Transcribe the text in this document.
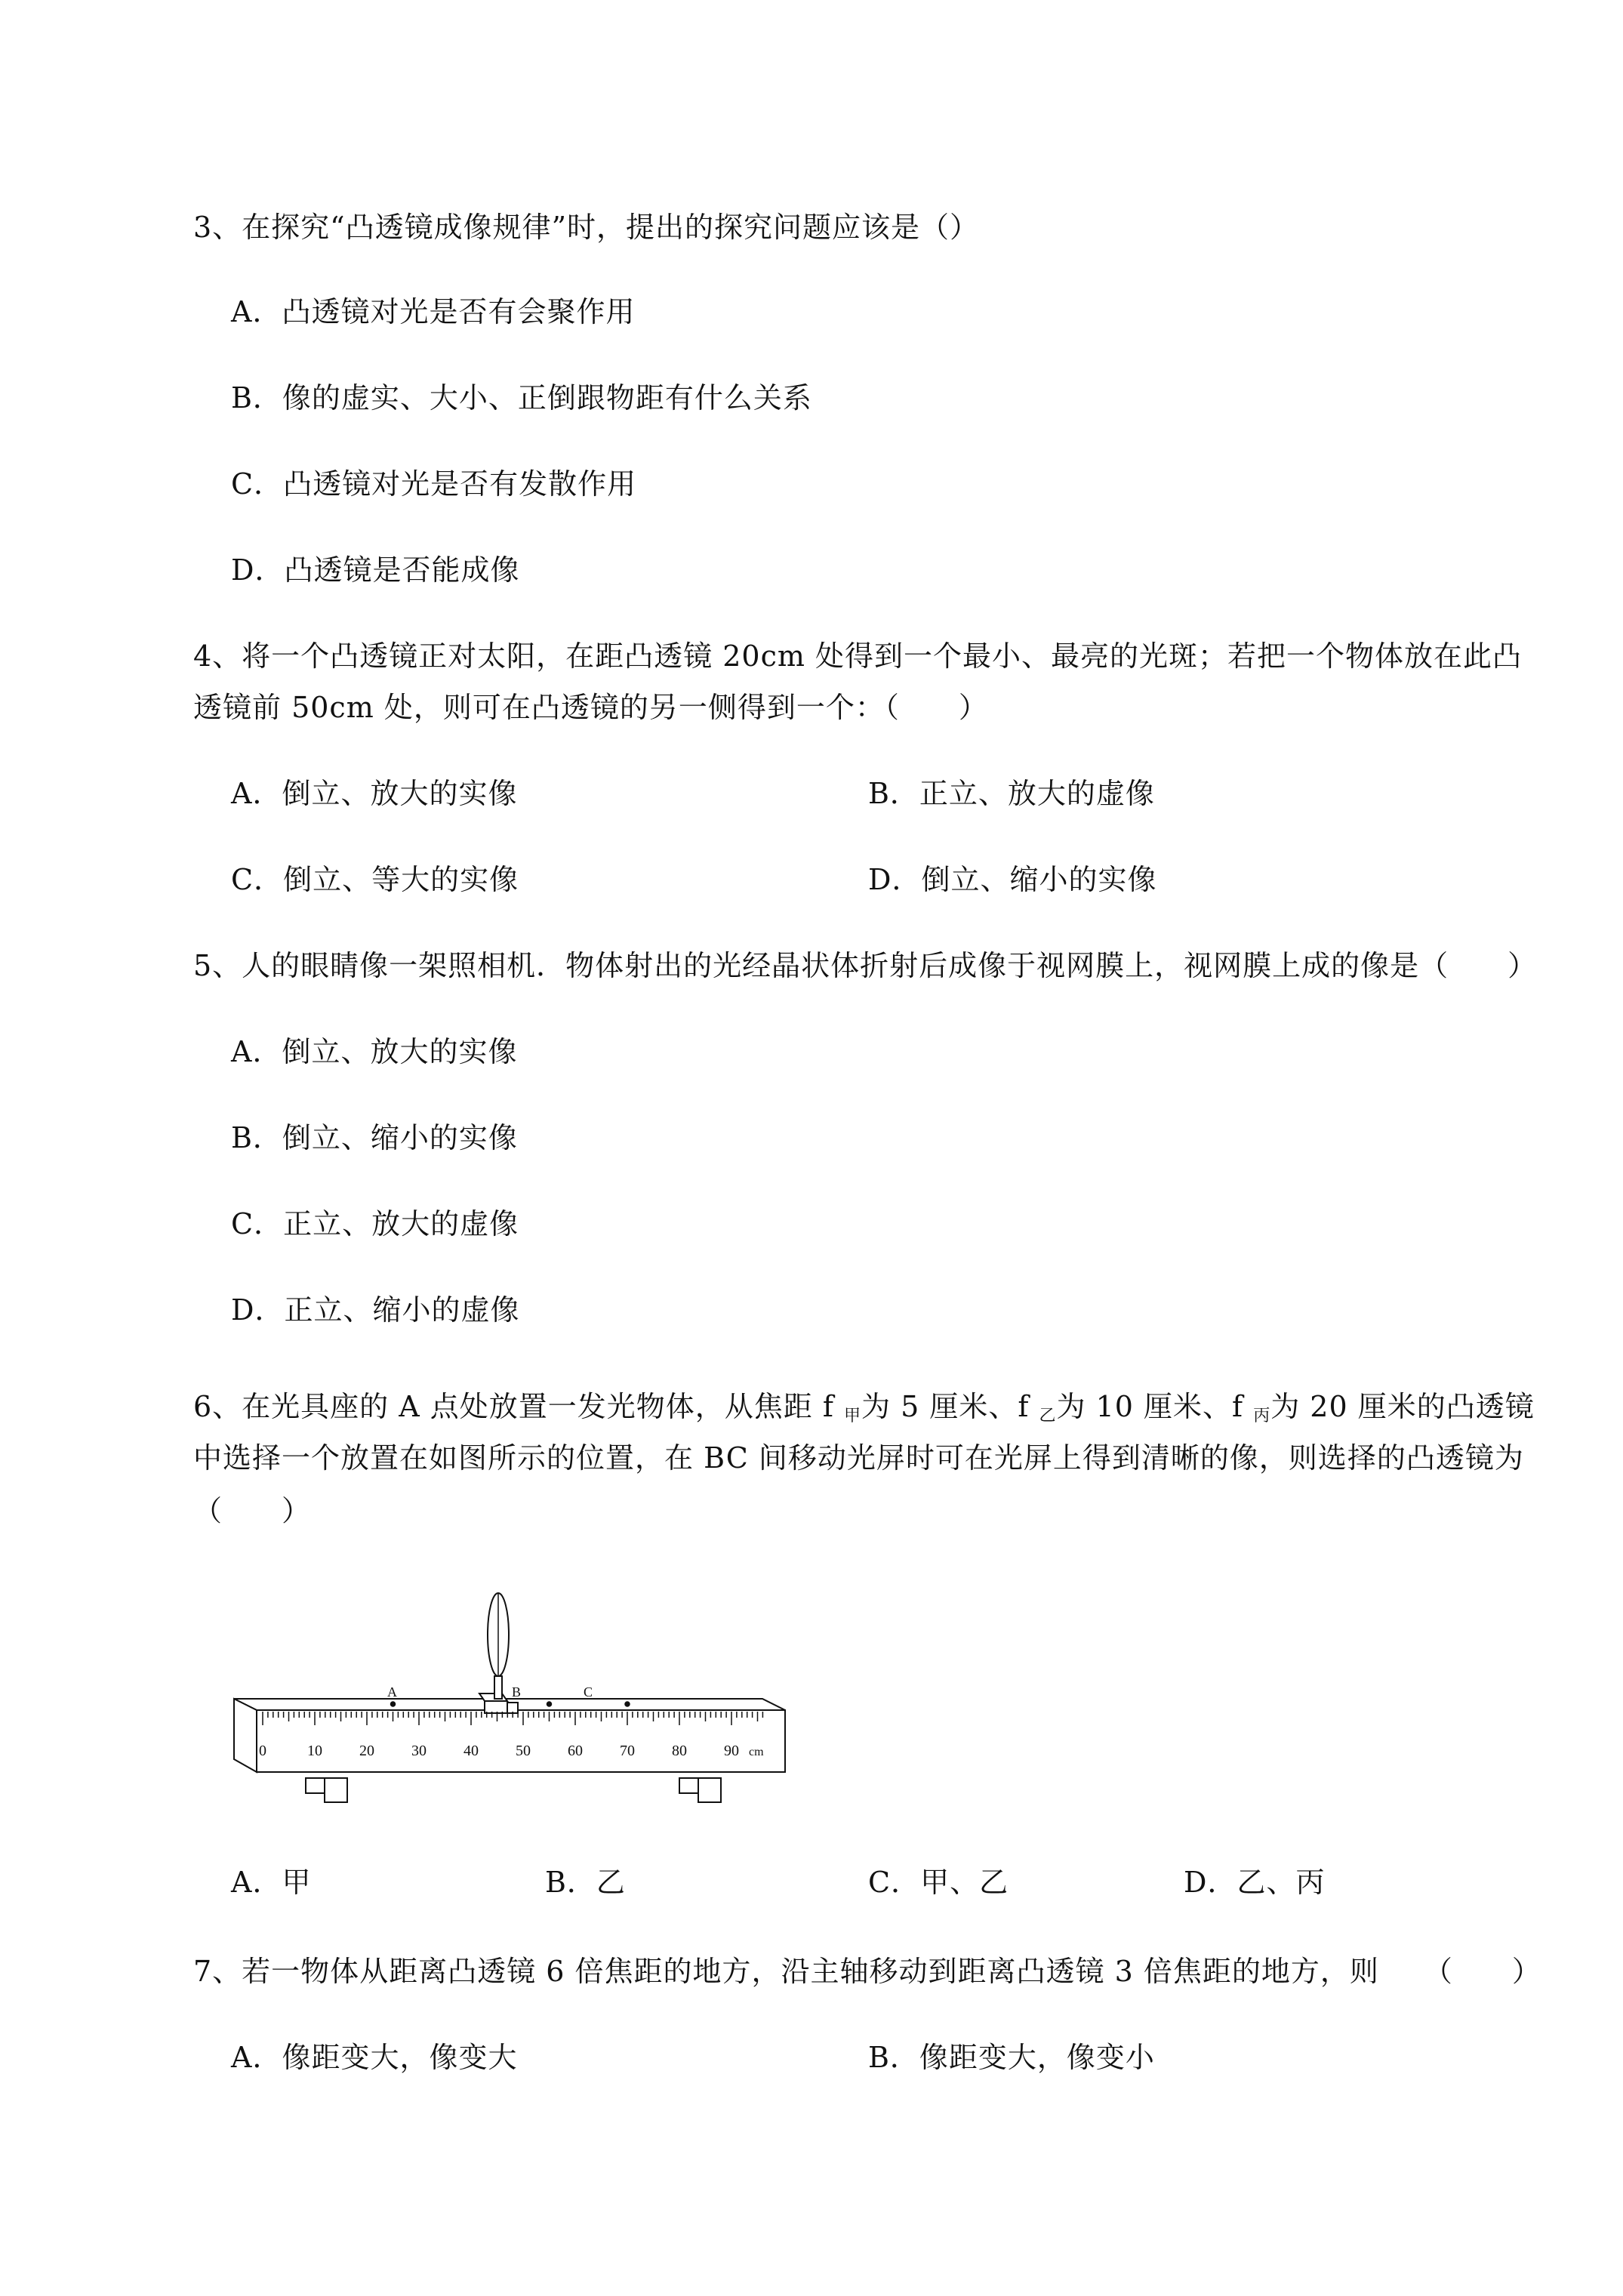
3、在探究“凸透镜成像规律”时，提出的探究问题应该是（）
A．凸透镜对光是否有会聚作用
B．像的虚实、大小、正倒跟物距有什么关系
C．凸透镜对光是否有发散作用
D．凸透镜是否能成像
4、将一个凸透镜正对太阳，在距凸透镜 20cm 处得到一个最小、最亮的光斑；若把一个物体放在此凸
透镜前 50cm 处，则可在凸透镜的另一侧得到一个：（　　）
A．倒立、放大的实像	B．正立、放大的虚像
C．倒立、等大的实像	D．倒立、缩小的实像
5、人的眼睛像一架照相机．物体射出的光经晶状体折射后成像于视网膜上，视网膜上成的像是（　　）
A．倒立、放大的实像
B．倒立、缩小的实像
C．正立、放大的虚像
D．正立、缩小的虚像
6、在光具座的 A 点处放置一发光物体，从焦距 f $_甲$为 5 厘米、f $_乙$为 10 厘米、f $_丙$为 20 厘米的凸透镜
中选择一个放置在如图所示的位置，在 BC 间移动光屏时可在光屏上得到清晰的像，则选择的凸透镜为
（　　）
0	10 20 30 40 50 60 70 80 90 cm
A	B	C
A．甲	B．乙	C．甲、乙	D．乙、丙
7、若一物体从距离凸透镜 6 倍焦距的地方，沿主轴移动到距离凸透镜 3 倍焦距的地方，则　　（　　）
A．像距变大，像变大	B．像距变大，像变小
